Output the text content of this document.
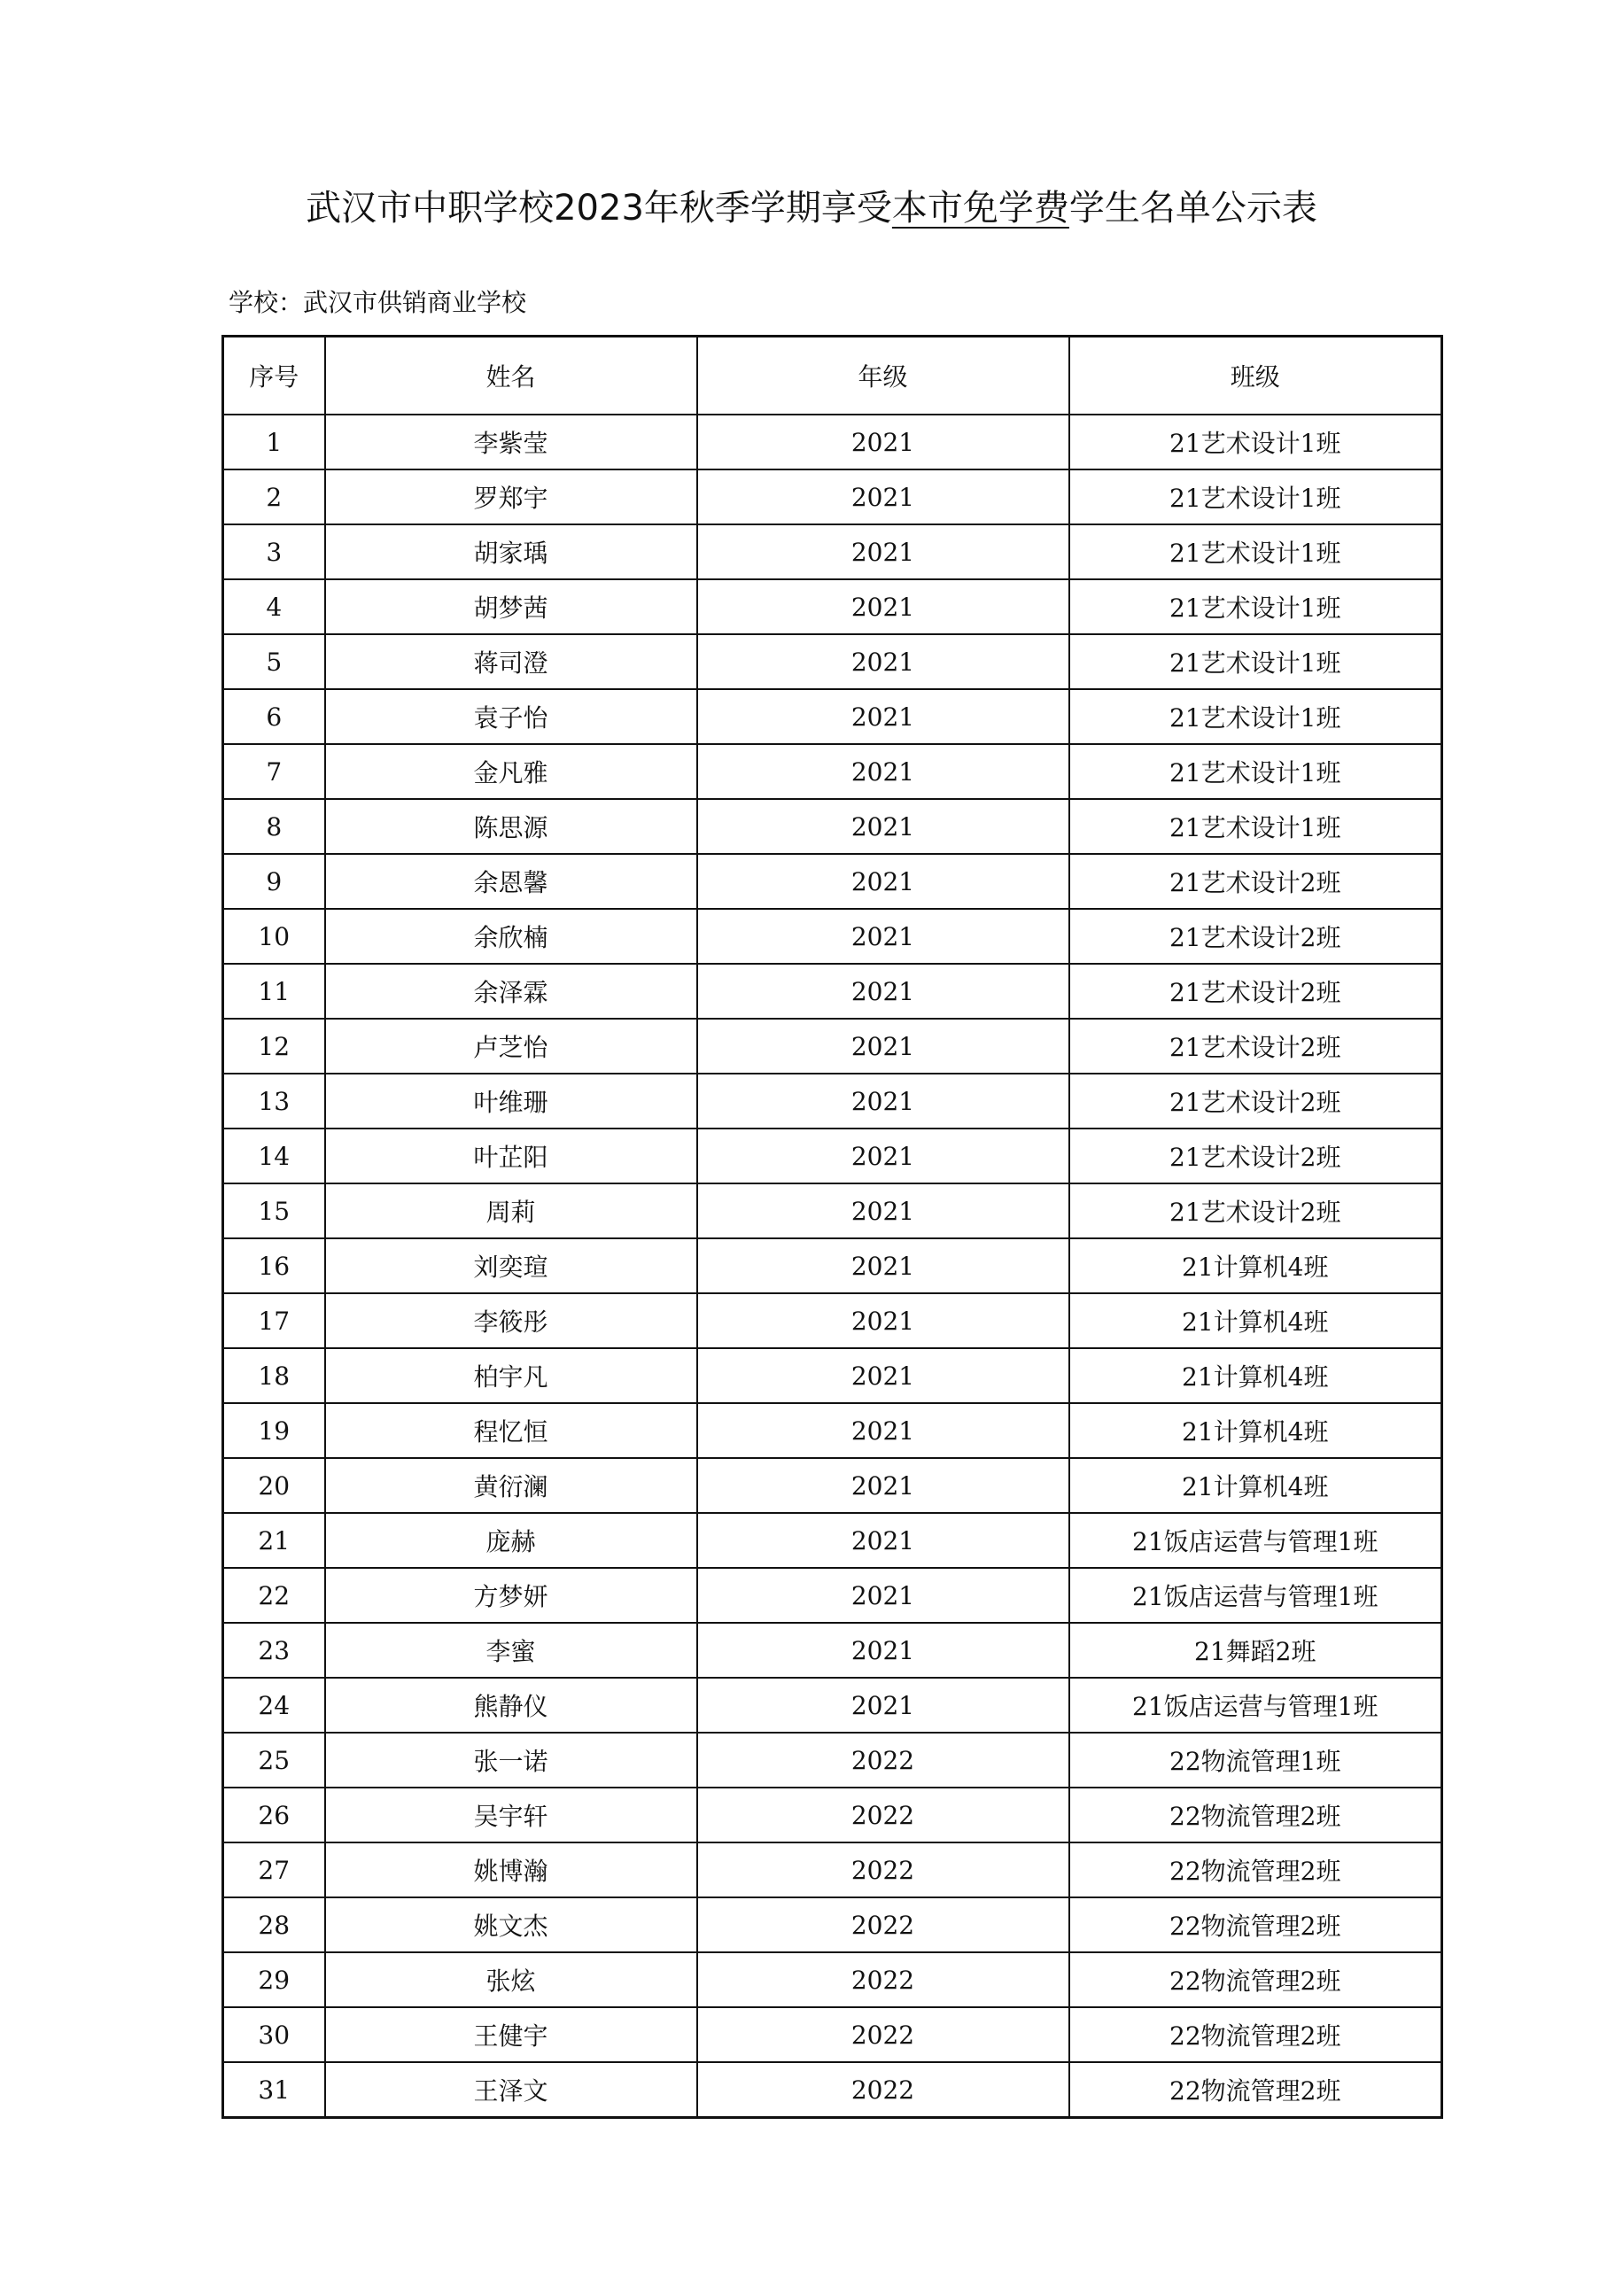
武汉市中职学校2023年秋季学期享受本市免学费学生名单公示表
学校：武汉市供销商业学校
序号	姓名	年级	班级
1	李紫莹	2021	21艺术设计1班
2	罗郑宇	2021	21艺术设计1班
3	胡家瑀	2021	21艺术设计1班
4	胡梦茜	2021	21艺术设计1班
5	蒋司澄	2021	21艺术设计1班
6	袁子怡	2021	21艺术设计1班
7	金凡雅	2021	21艺术设计1班
8	陈思源	2021	21艺术设计1班
9	余恩馨	2021	21艺术设计2班
10	余欣楠	2021	21艺术设计2班
11	余泽霖	2021	21艺术设计2班
12	卢芝怡	2021	21艺术设计2班
13	叶维珊	2021	21艺术设计2班
14	叶芷阳	2021	21艺术设计2班
15	周莉	2021	21艺术设计2班
16	刘奕瑄	2021	21计算机4班
17	李筱彤	2021	21计算机4班
18	柏宇凡	2021	21计算机4班
19	程忆恒	2021	21计算机4班
20	黄衍澜	2021	21计算机4班
21	庞赫	2021	21饭店运营与管理1班
22	方梦妍	2021	21饭店运营与管理1班
23	李蜜	2021	21舞蹈2班
24	熊静仪	2021	21饭店运营与管理1班
25	张一诺	2022	22物流管理1班
26	吴宇轩	2022	22物流管理2班
27	姚博瀚	2022	22物流管理2班
28	姚文杰	2022	22物流管理2班
29	张炫	2022	22物流管理2班
30	王健宇	2022	22物流管理2班
31	王泽文	2022	22物流管理2班
